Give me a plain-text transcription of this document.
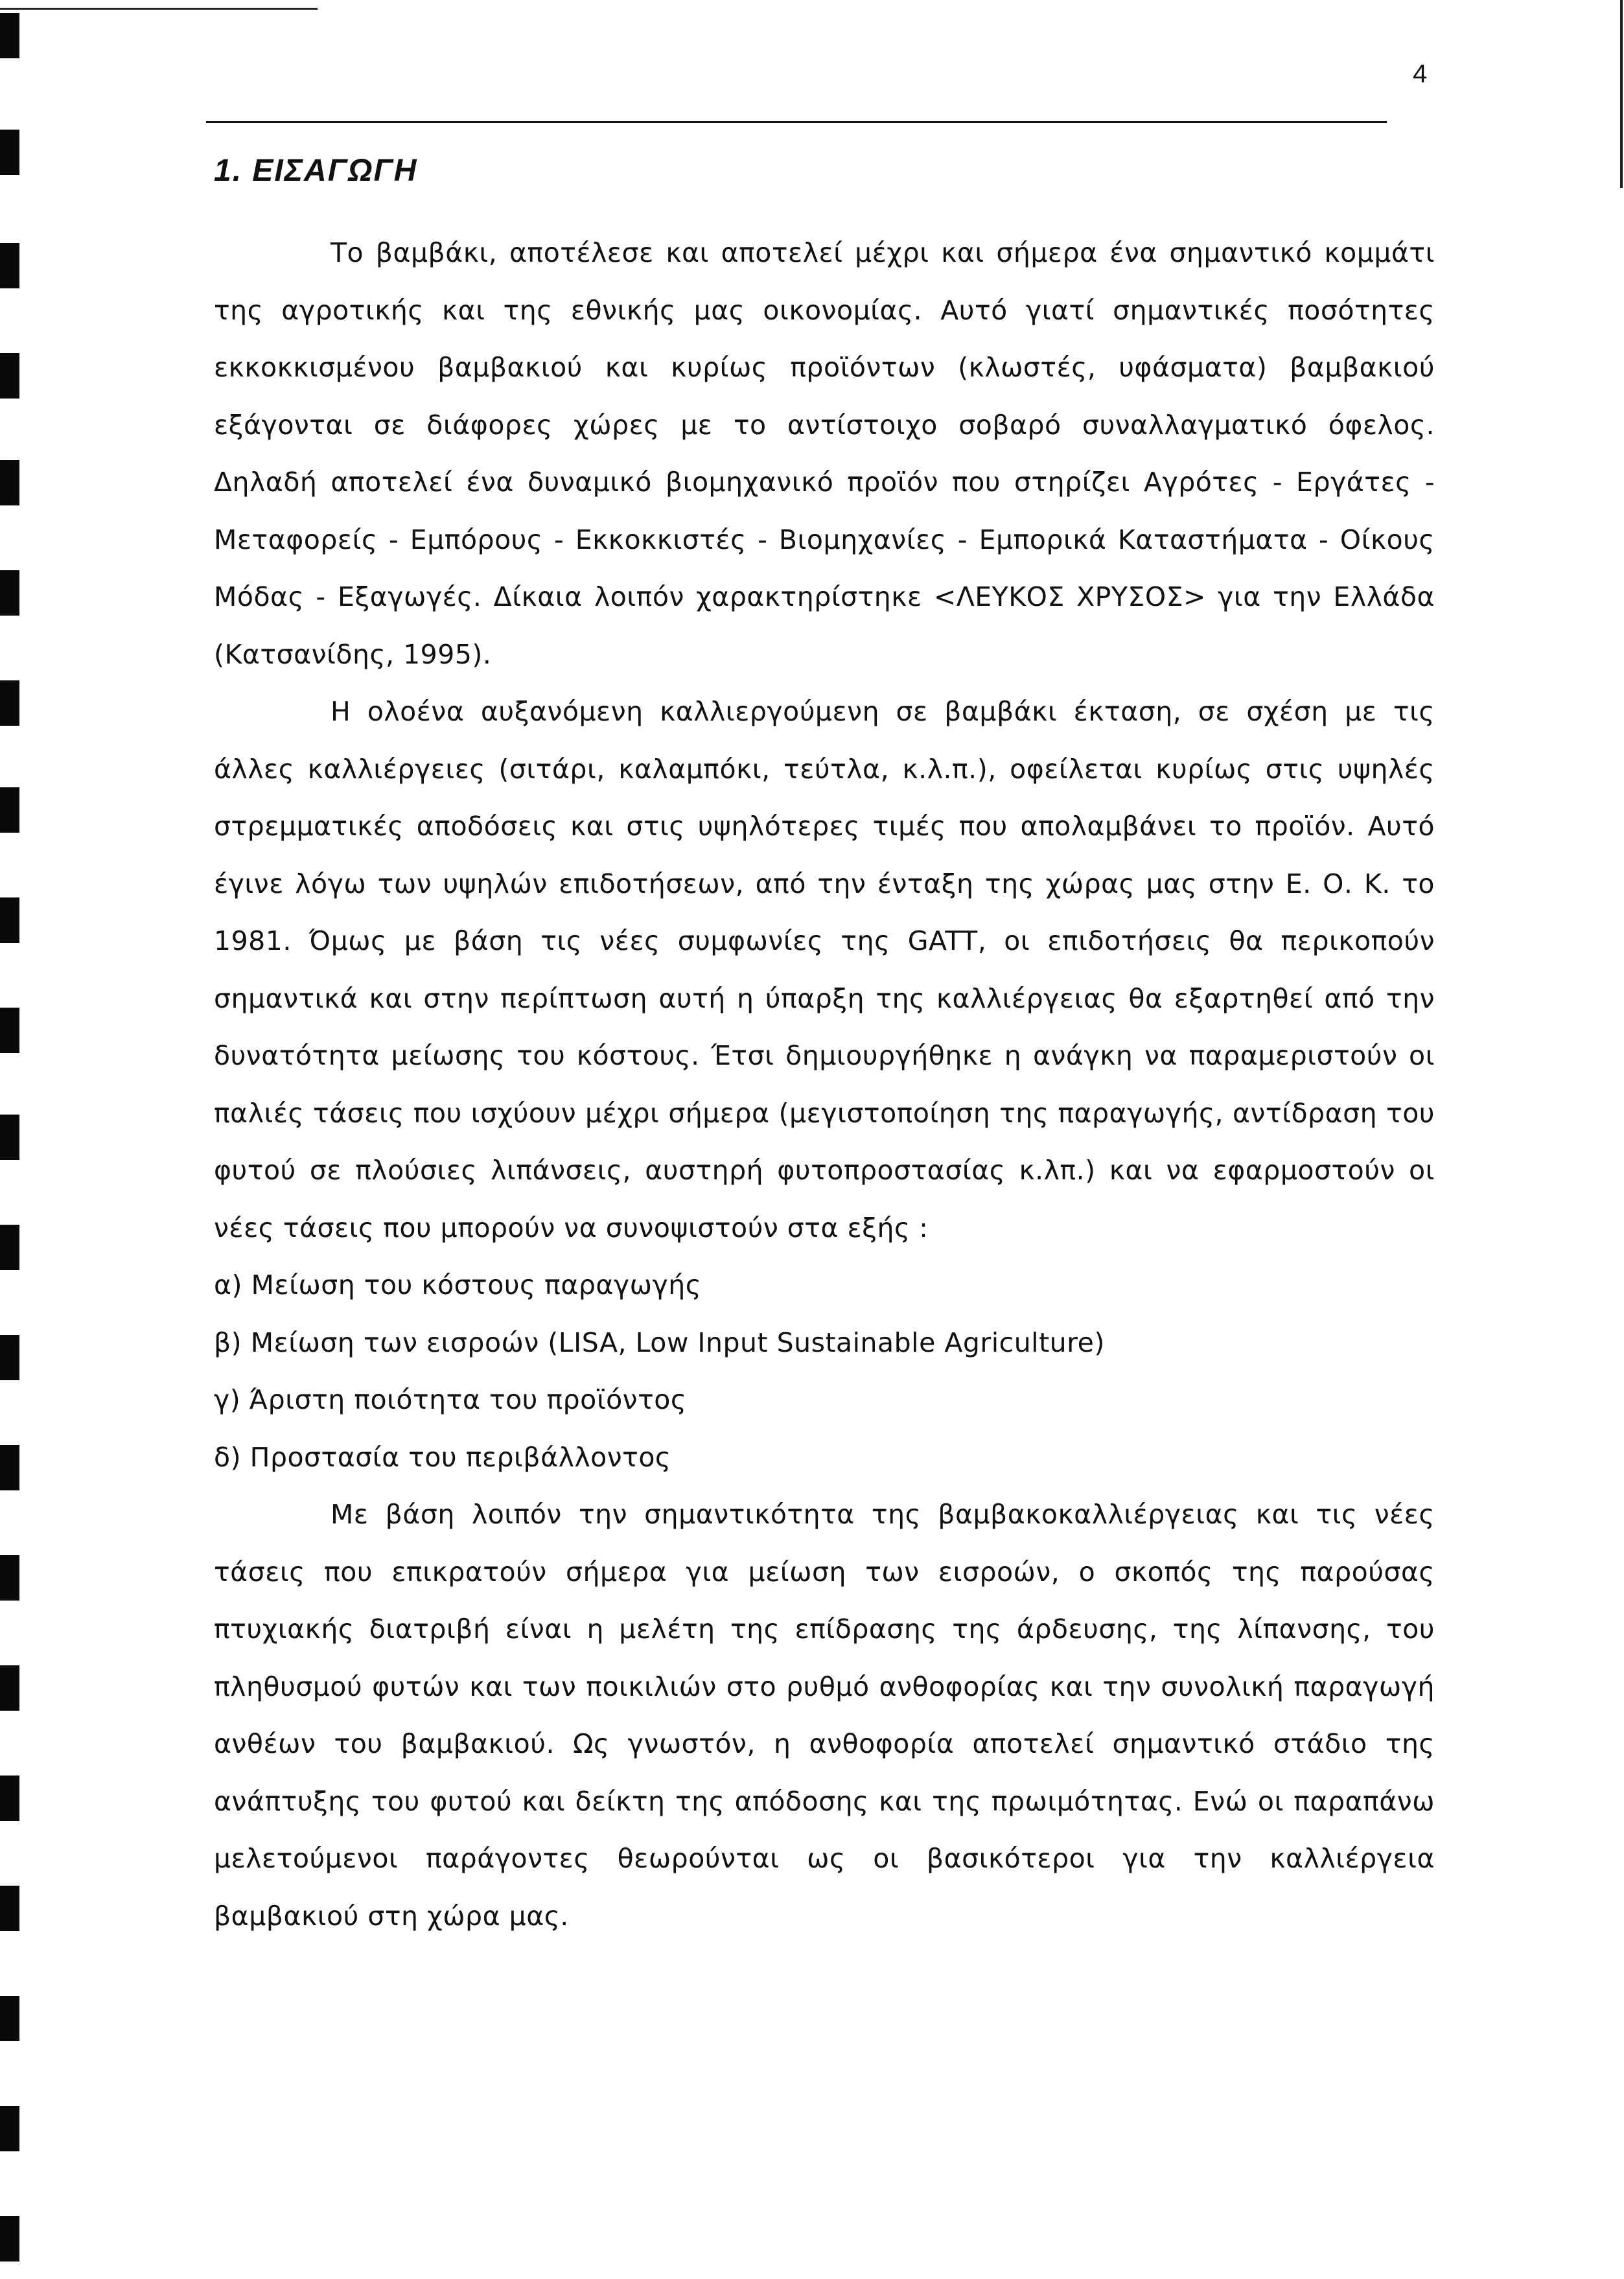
4
1. ΕΙΣΑΓΩΓΗ

Το βαμβάκι, αποτέλεσε και αποτελεί μέχρι και σήμερα ένα σημαντικό κομμάτι της αγροτικής και της εθνικής μας οικονομίας. Αυτό γιατί σημαντικές ποσότητες εκκοκκισμένου βαμβακιού και κυρίως προϊόντων (κλωστές, υφάσματα) βαμβακιού εξάγονται σε διάφορες χώρες με το αντίστοιχο σοβαρό συναλλαγματικό όφελος. Δηλαδή αποτελεί ένα δυναμικό βιομηχανικό προϊόν που στηρίζει Αγρότες - Εργάτες - Μεταφορείς - Εμπόρους - Εκκοκκιστές - Βιομηχανίες - Εμπορικά Καταστήματα - Οίκους Μόδας - Εξαγωγές. Δίκαια λοιπόν χαρακτηρίστηκε <ΛΕΥΚΟΣ ΧΡΥΣΟΣ> για την Ελλάδα (Κατσανίδης, 1995).

Η ολοένα αυξανόμενη καλλιεργούμενη σε βαμβάκι έκταση, σε σχέση με τις άλλες καλλιέργειες (σιτάρι, καλαμπόκι, τεύτλα, κ.λ.π.), οφείλεται κυρίως στις υψηλές στρεμματικές αποδόσεις και στις υψηλότερες τιμές που απολαμβάνει το προϊόν. Αυτό έγινε λόγω των υψηλών επιδοτήσεων, από την ένταξη της χώρας μας στην Ε. Ο. Κ. το 1981. Όμως με βάση τις νέες συμφωνίες της GATT, οι επιδοτήσεις θα περικοπούν σημαντικά και στην περίπτωση αυτή η ύπαρξη της καλλιέργειας θα εξαρτηθεί από την δυνατότητα μείωσης του κόστους. Έτσι δημιουργήθηκε η ανάγκη να παραμεριστούν οι παλιές τάσεις που ισχύουν μέχρι σήμερα (μεγιστοποίηση της παραγωγής, αντίδραση του φυτού σε πλούσιες λιπάνσεις, αυστηρή φυτοπροστασίας κ.λπ.) και να εφαρμοστούν οι νέες τάσεις που μπορούν να συνοψιστούν στα εξής :

α) Μείωση του κόστους παραγωγής

β) Μείωση των εισροών (LISA, Low Input Sustainable Agriculture)

γ) Άριστη ποιότητα του προϊόντος

δ) Προστασία του περιβάλλοντος

Με βάση λοιπόν την σημαντικότητα της βαμβακοκαλλιέργειας και τις νέες τάσεις που επικρατούν σήμερα για μείωση των εισροών, ο σκοπός της παρούσας πτυχιακής διατριβή είναι η μελέτη της επίδρασης της άρδευσης, της λίπανσης, του πληθυσμού φυτών και των ποικιλιών στο ρυθμό ανθοφορίας και την συνολική παραγωγή ανθέων του βαμβακιού. Ως γνωστόν, η ανθοφορία αποτελεί σημαντικό στάδιο της ανάπτυξης του φυτού και δείκτη της απόδοσης και της πρωιμότητας. Ενώ οι παραπάνω μελετούμενοι παράγοντες θεωρούνται ως οι βασικότεροι για την καλλιέργεια βαμβακιού στη χώρα μας.
